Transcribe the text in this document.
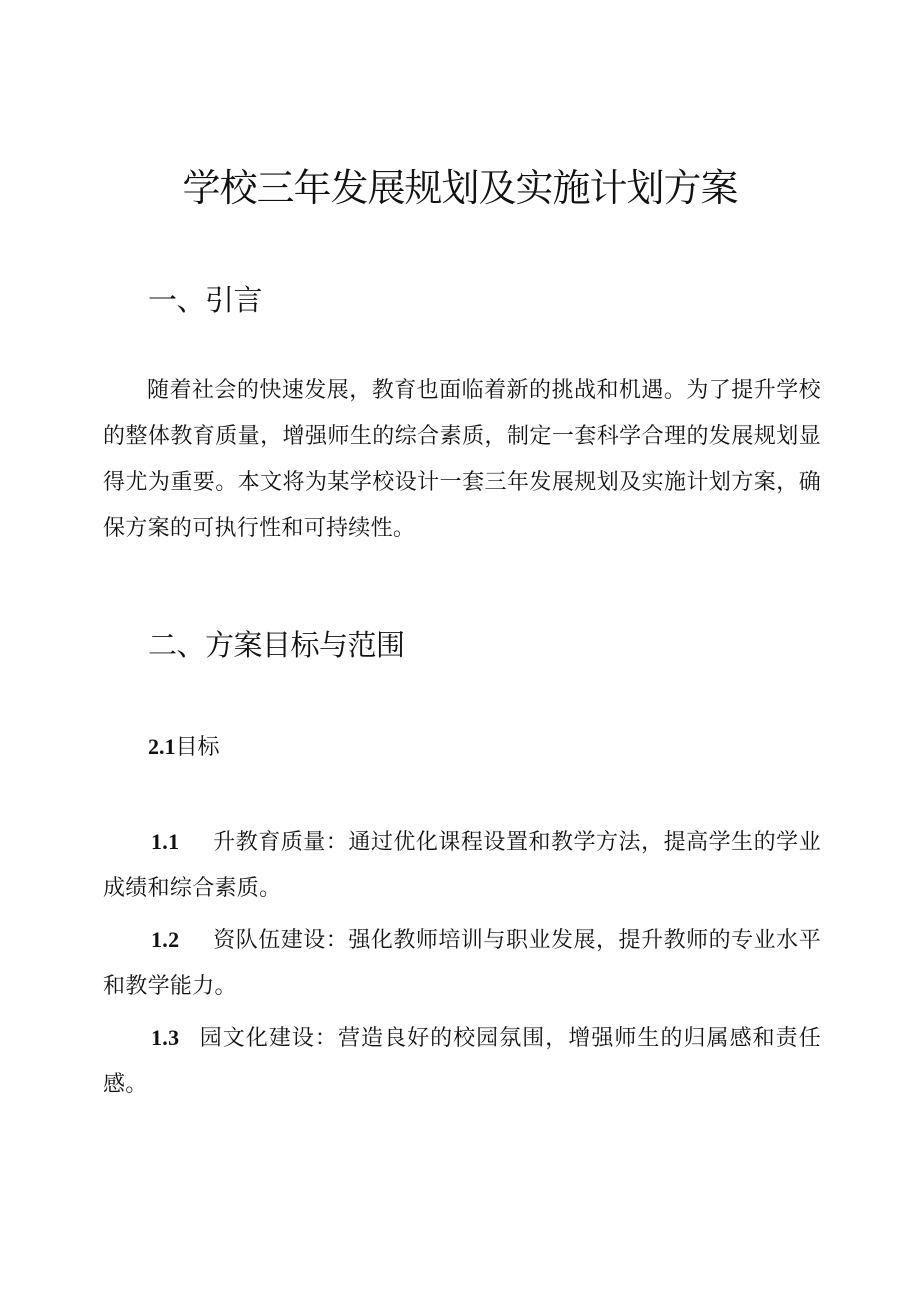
学校三年发展规划及实施计划方案
一、引言

随着社会的快速发展，教育也面临着新的挑战和机遇。为了提升学校的整体教育质量，增强师生的综合素质，制定一套科学合理的发展规划显得尤为重要。本文将为某学校设计一套三年发展规划及实施计划方案，确保方案的可执行性和可持续性。

二、方案目标与范围
2.1目标

1.1 升教育质量：通过优化课程设置和教学方法，提高学生的学业成绩和综合素质。

1.2 资队伍建设：强化教师培训与职业发展，提升教师的专业水平和教学能力。

1.3 园文化建设：营造良好的校园氛围，增强师生的归属感和责任感。
